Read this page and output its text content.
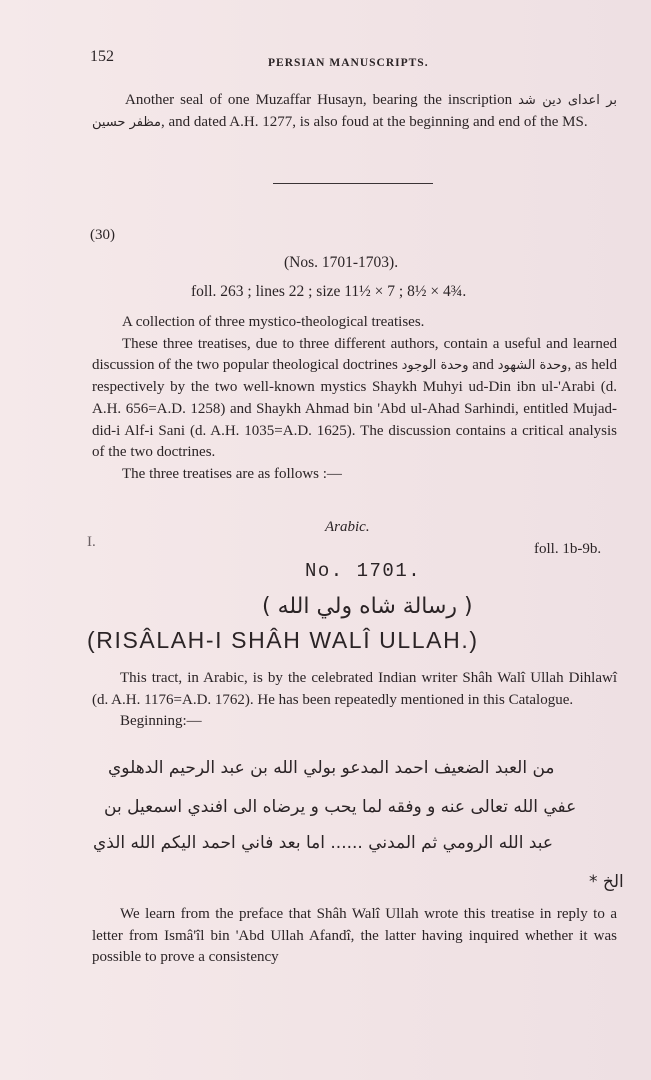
152	PERSIAN MANUSCRIPTS.
Another seal of one Muzaffar Husayn, bearing the inscription بر اعدای دین شد مظفر حسین, and dated A.H. 1277, is also foud at the beginning and end of the MS.
(30)
(Nos. 1701-1703).
foll. 263 ; lines 22 ; size 11½ × 7 ; 8½ × 4¾.
A collection of three mystico-theological treatises.
These three treatises, due to three different authors, contain a useful and learned discussion of the two popular theological doctrines وحدة الوجود and وحدة الشهود, as held respectively by the two well-known mystics Shaykh Muhyi ud-Din ibn ul-'Arabi (d. A.H. 656=A.D. 1258) and Shaykh Ahmad bin 'Abd ul-Ahad Sarhindi, entitled Mujad-did-i Alf-i Sani (d. A.H. 1035=A.D. 1625). The discussion contains a critical analysis of the two doctrines.
The three treatises are as follows :—
Arabic.
I.	foll. 1b-9b.
No. 1701.
( رسالة شاه ولي الله )
(RISÂLAH-I SHÂH WALÎ ULLAH.)
This tract, in Arabic, is by the celebrated Indian writer Shâh Walî Ullah Dihlawî (d. A.H. 1176=A.D. 1762). He has been repeatedly mentioned in this Catalogue.
Beginning:—
من العبد الضعيف احمد المدعو بولي الله بن عبد الرحيم الدهلوي
عفي الله تعالى عنه و وفقه لما يحب و يرضاه الى افندي اسمعيل بن
عبد الله الرومي ثم المدني ...... اما بعد فاني احمد اليكم الله الذي
الخ *
We learn from the preface that Shâh Walî Ullah wrote this treatise in reply to a letter from Ismâ'îl bin 'Abd Ullah Afandî, the latter having inquired whether it was possible to prove a consistency
